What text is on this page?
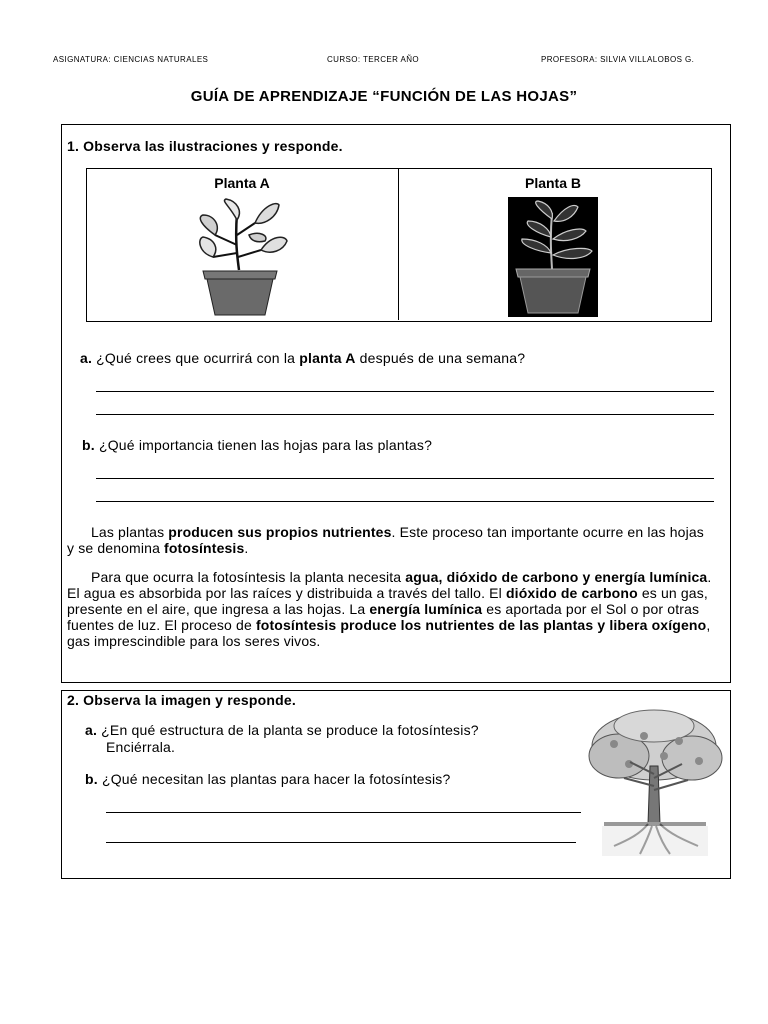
ASIGNATURA: CIENCIAS NATURALES	CURSO: TERCER AÑO	PROFESORA: SILVIA VILLALOBOS G.
GUÍA DE APRENDIZAJE “FUNCIÓN DE LAS HOJAS”
1. Observa las ilustraciones y responde.
Planta A	Planta B
a. ¿Qué crees que ocurrirá con la planta A después de una semana?
b. ¿Qué importancia tienen las hojas para las plantas?
Las plantas producen sus propios nutrientes. Este proceso tan importante ocurre en las hojas y se denomina fotosíntesis.
Para que ocurra la fotosíntesis la planta necesita agua, dióxido de carbono y energía lumínica. El agua es absorbida por las raíces y distribuida a través del tallo. El dióxido de carbono es un gas, presente en el aire, que ingresa a las hojas. La energía lumínica es aportada por el Sol o por otras fuentes de luz. El proceso de fotosíntesis produce los nutrientes de las plantas y libera oxígeno, gas imprescindible para los seres vivos.
2. Observa la imagen y responde.
a. ¿En qué estructura de la planta se produce la fotosíntesis?
Enciérrala.
b. ¿Qué necesitan las plantas para hacer la fotosíntesis?
